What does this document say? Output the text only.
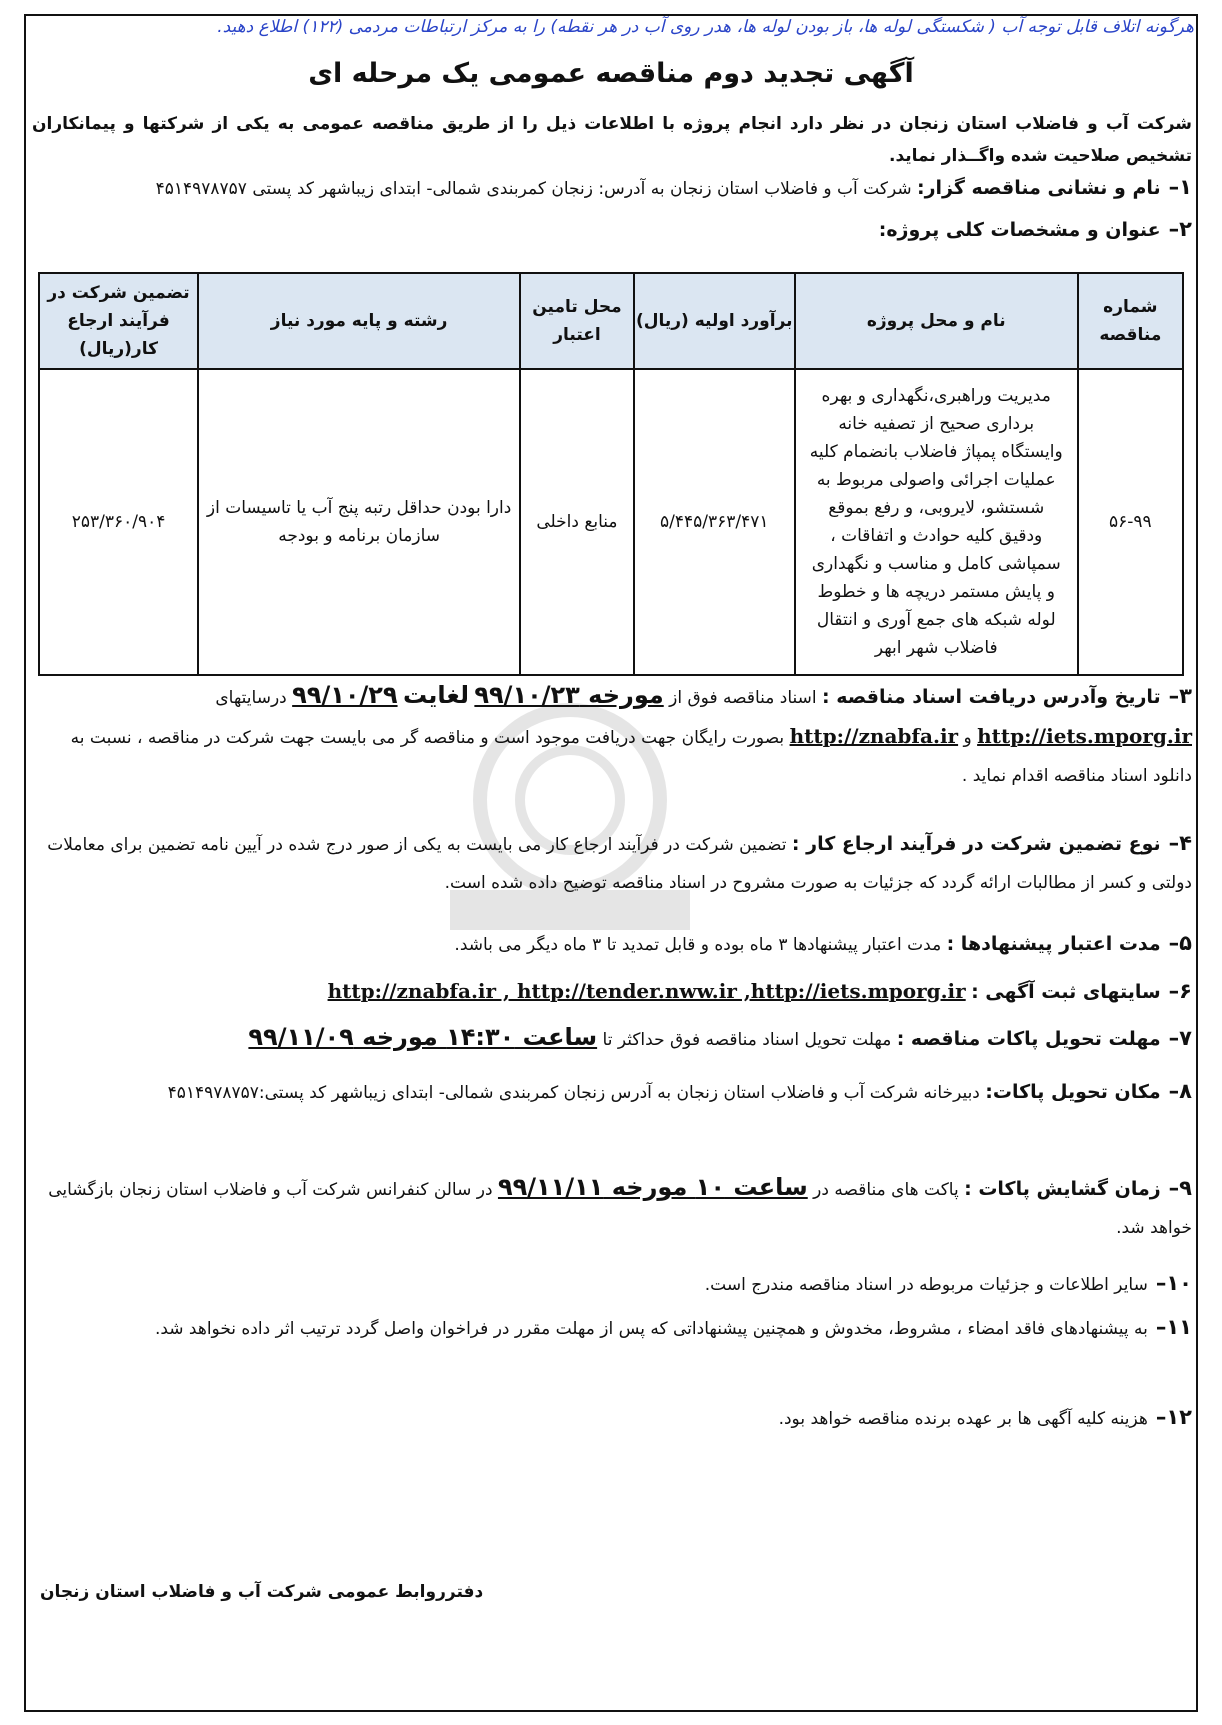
هرگونه اتلاف قابل توجه آب ( شکستگی لوله ها، باز بودن لوله ها، هدر روی آب در هر نقطه) را به مرکز ارتباطات مردمی (۱۲۲) اطلاع دهید.
آگهی تجدید دوم مناقصه عمومی یک مرحله ای
شرکت آب و فاضلاب استان زنجان در نظر دارد انجام پروژه با اطلاعات ذیل را از طریق مناقصه عمومی به یکی از شرکتها و پیمانکاران تشخیص صلاحیت شده واگــذار نماید.
۱–نام و نشانی مناقصه گزار: شرکت آب و فاضلاب استان زنجان به آدرس: زنجان کمربندی شمالی- ابتدای زیباشهر کد پستی ۴۵۱۴۹۷۸۷۵۷
۲–عنوان و مشخصات کلی پروژه:
شماره مناقصه	نام و محل پروژه	برآورد اولیه (ریال)	محل تامین اعتبار	رشته و پایه مورد نیاز	تضمین شرکت در فرآیند ارجاع کار(ریال)
۵۶-۹۹	مدیریت وراهبری،نگهداری و بهره برداری صحیح از تصفیه خانه وایستگاه پمپاژ فاضلاب بانضمام کلیه عملیات اجرائی واصولی مربوط به شستشو، لایروبی، و رفع بموقع ودقیق کلیه حوادث و اتفاقات ، سمپاشی کامل و مناسب و نگهداری و پایش مستمر دریچه ها و خطوط لوله شبکه های جمع آوری و انتقال فاضلاب شهر ابهر	۵/۴۴۵/۳۶۳/۴۷۱	منابع داخلی	دارا بودن حداقل رتبه پنج آب یا تاسیسات از سازمان برنامه و بودجه	۲۵۳/۳۶۰/۹۰۴
۳–تاریخ وآدرس دریافت اسناد مناقصه : اسناد مناقصه فوق از مورخه ۹۹/۱۰/۲۳ لغایت ۹۹/۱۰/۲۹ درسایتهای http://iets.mporg.ir و http://znabfa.ir بصورت رایگان جهت دریافت موجود است و مناقصه گر می بایست جهت شرکت در مناقصه ، نسبت به دانلود اسناد مناقصه اقدام نماید .
۴–نوع تضمین شرکت در فرآیند ارجاع کار : تضمین شرکت در فرآیند ارجاع کار می بایست به یکی از صور درج شده در آیین نامه تضمین برای معاملات دولتی و کسر از مطالبات ارائه گردد که جزئیات به صورت مشروح در اسناد مناقصه توضیح داده شده است.
۵–مدت اعتبار پیشنهادها : مدت اعتبار پیشنهادها ۳ ماه بوده و قابل تمدید تا ۳ ماه دیگر می باشد.
۶–سایتهای ثبت آگهی : http://znabfa.ir , http://tender.nww.ir ,http://iets.mporg.ir
۷–مهلت تحویل پاکات مناقصه : مهلت تحویل اسناد مناقصه فوق حداکثر تا ساعت ۱۴:۳۰ مورخه ۹۹/۱۱/۰۹
۸–مکان تحویل پاکات: دبیرخانه شرکت آب و فاضلاب استان زنجان به آدرس زنجان کمربندی شمالی- ابتدای زیباشهر کد پستی:۴۵۱۴۹۷۸۷۵۷
۹–زمان گشایش پاکات : پاکت های مناقصه در ساعت ۱۰ مورخه ۹۹/۱۱/۱۱ در سالن کنفرانس شرکت آب و فاضلاب استان زنجان بازگشایی خواهد شد.
۱۰–سایر اطلاعات و جزئیات مربوطه در اسناد مناقصه مندرج است.
۱۱–به پیشنهادهای فاقد امضاء ، مشروط، مخدوش و همچنین پیشنهاداتی که پس از مهلت مقرر در فراخوان واصل گردد ترتیب اثر داده نخواهد شد.
۱۲–هزینه کلیه آگهی ها بر عهده برنده مناقصه خواهد بود.
دفترروابط عمومی شرکت آب و فاضلاب استان زنجان
